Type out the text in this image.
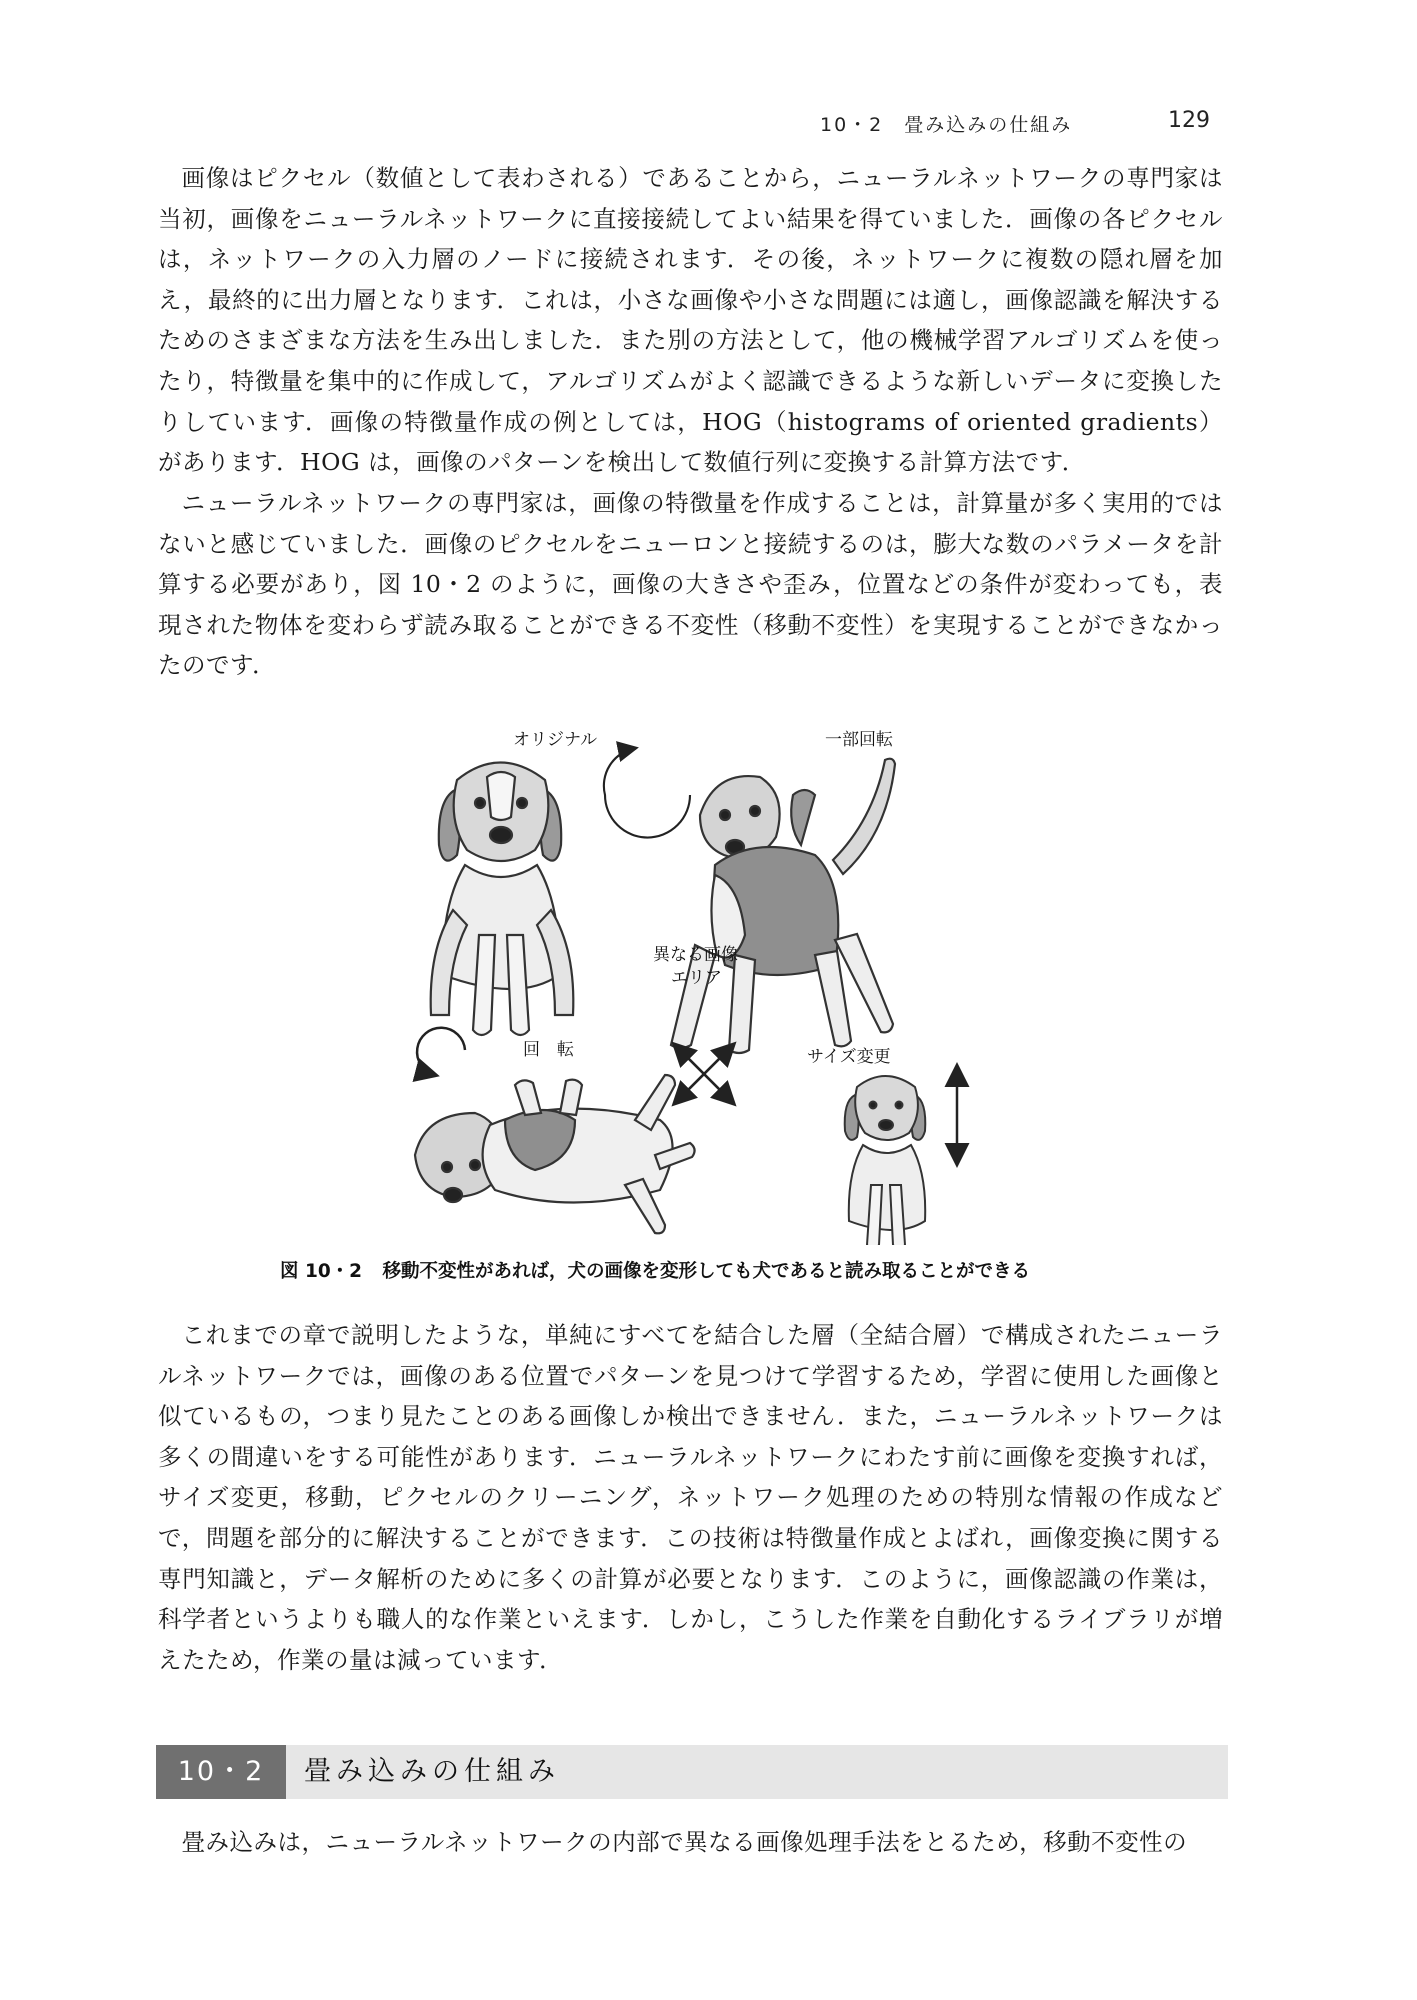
10・2　畳み込みの仕組み	129

画像はピクセル（数値として表わされる）であることから，ニューラルネットワークの専門家は当初，画像をニューラルネットワークに直接接続してよい結果を得ていました．画像の各ピクセルは，ネットワークの入力層のノードに接続されます．その後，ネットワークに複数の隠れ層を加え，最終的に出力層となります．これは，小さな画像や小さな問題には適し，画像認識を解決するためのさまざまな方法を生み出しました．また別の方法として，他の機械学習アルゴリズムを使ったり，特徴量を集中的に作成して，アルゴリズムがよく認識できるような新しいデータに変換したりしています．画像の特徴量作成の例としては，HOG（histograms of oriented gradients）があります．HOG は，画像のパターンを検出して数値行列に変換する計算方法です．

ニューラルネットワークの専門家は，画像の特徴量を作成することは，計算量が多く実用的ではないと感じていました．画像のピクセルをニューロンと接続するのは，膨大な数のパラメータを計算する必要があり，図 10・2 のように，画像の大きさや歪み，位置などの条件が変わっても，表現された物体を変わらず読み取ることができる不変性（移動不変性）を実現することができなかったのです．

オリジナル	一部回転
異なる画像
エリア
回　転	サイズ変更
図 10・2 移動不変性があれば，犬の画像を変形しても犬であると読み取ることができる

これまでの章で説明したような，単純にすべてを結合した層（全結合層）で構成されたニューラルネットワークでは，画像のある位置でパターンを見つけて学習するため，学習に使用した画像と似ているもの，つまり見たことのある画像しか検出できません．また，ニューラルネットワークは多くの間違いをする可能性があります．ニューラルネットワークにわたす前に画像を変換すれば，サイズ変更，移動，ピクセルのクリーニング，ネットワーク処理のための特別な情報の作成などで，問題を部分的に解決することができます．この技術は特徴量作成とよばれ，画像変換に関する専門知識と，データ解析のために多くの計算が必要となります．このように，画像認識の作業は，科学者というよりも職人的な作業といえます．しかし，こうした作業を自動化するライブラリが増えたため，作業の量は減っています．

10・2	畳み込みの仕組み

畳み込みは，ニューラルネットワークの内部で異なる画像処理手法をとるため，移動不変性の
